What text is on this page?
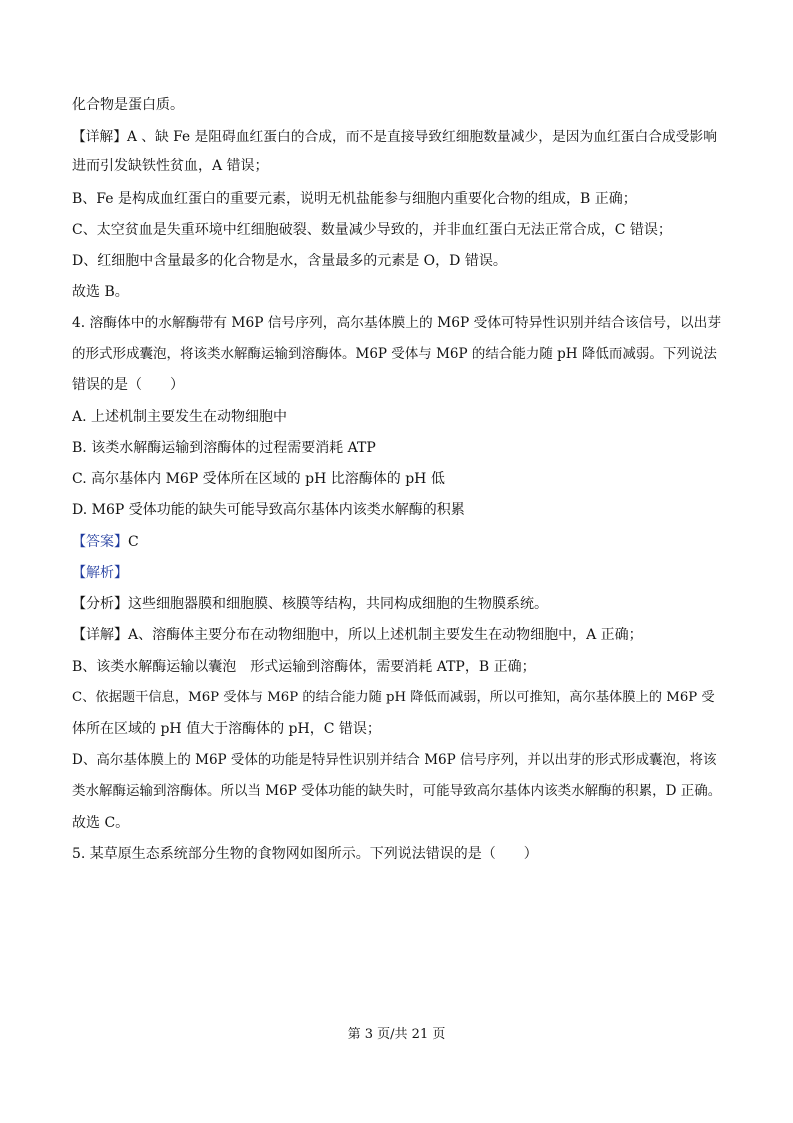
化合物是蛋白质。
【详解】A 、缺 Fe 是阻碍血红蛋白的合成，而不是直接导致红细胞数量减少，是因为血红蛋白合成受影响
进而引发缺铁性贫血，A 错误；
B、Fe 是构成血红蛋白的重要元素，说明无机盐能参与细胞内重要化合物的组成，B 正确；
C、太空贫血是失重环境中红细胞破裂、数量减少导致的，并非血红蛋白无法正常合成，C 错误；
D、红细胞中含量最多的化合物是水，含量最多的元素是 O，D 错误。
故选 B。
4. 溶酶体中的水解酶带有 M6P 信号序列，高尔基体膜上的 M6P 受体可特异性识别并结合该信号，以出芽
的形式形成囊泡，将该类水解酶运输到溶酶体。M6P 受体与 M6P 的结合能力随 pH 降低而减弱。下列说法
错误的是（　　）
A. 上述机制主要发生在动物细胞中
B. 该类水解酶运输到溶酶体的过程需要消耗 ATP
C. 高尔基体内 M6P 受体所在区域的 pH 比溶酶体的 pH 低
D. M6P 受体功能的缺失可能导致高尔基体内该类水解酶的积累
【答案】C
【解析】
【分析】这些细胞器膜和细胞膜、核膜等结构，共同构成细胞的生物膜系统。
【详解】A、溶酶体主要分布在动物细胞中，所以上述机制主要发生在动物细胞中，A 正确；
B、该类水解酶运输以囊泡　形式运输到溶酶体，需要消耗 ATP，B 正确；
C、依据题干信息，M6P 受体与 M6P 的结合能力随 pH 降低而减弱，所以可推知，高尔基体膜上的 M6P 受
体所在区域的 pH 值大于溶酶体的 pH，C 错误；
D、高尔基体膜上的 M6P 受体的功能是特异性识别并结合 M6P 信号序列，并以出芽的形式形成囊泡，将该
类水解酶运输到溶酶体。所以当 M6P 受体功能的缺失时，可能导致高尔基体内该类水解酶的积累，D 正确。
故选 C。
5. 某草原生态系统部分生物的食物网如图所示。下列说法错误的是（　　）
第 3 页/共 21 页
